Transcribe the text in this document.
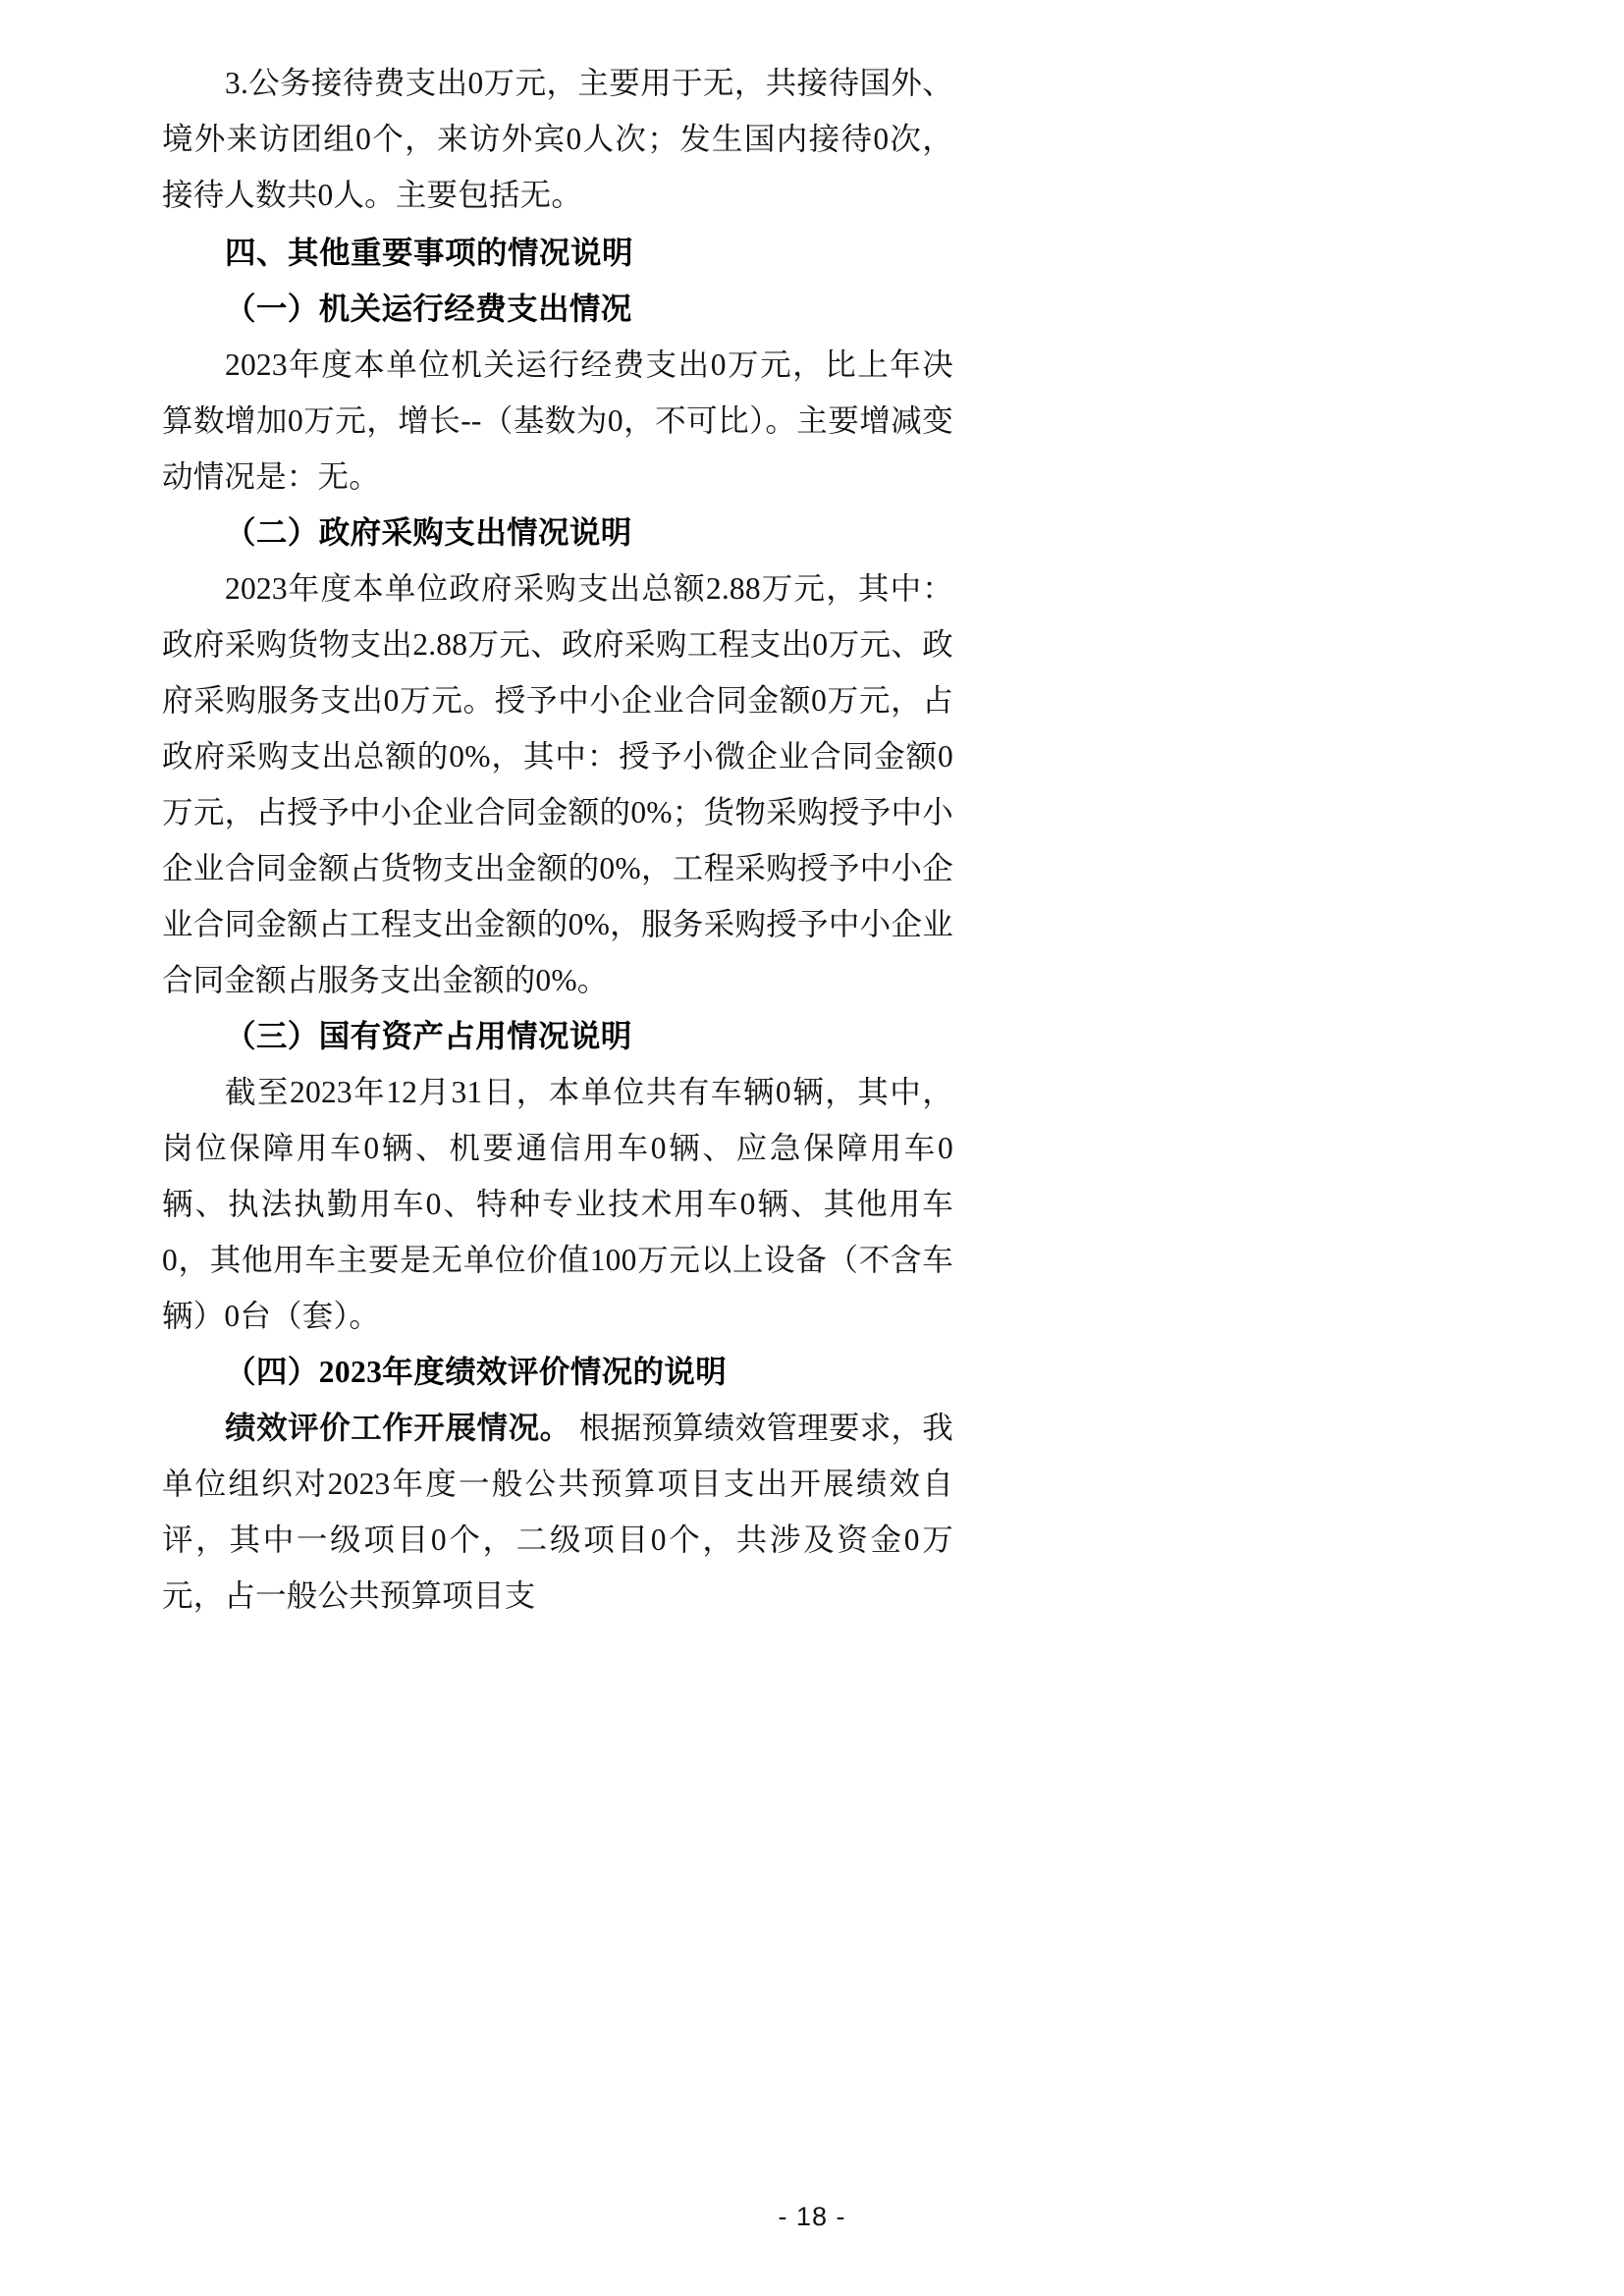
3.公务接待费支出0万元，主要用于无，共接待国外、境外来访团组0个，来访外宾0人次；发生国内接待0次，接待人数共0人。主要包括无。

四、其他重要事项的情况说明
（一）机关运行经费支出情况

2023年度本单位机关运行经费支出0万元，比上年决算数增加0万元，增长--（基数为0，不可比）。主要增减变动情况是：无。

（二）政府采购支出情况说明

2023年度本单位政府采购支出总额2.88万元，其中：政府采购货物支出2.88万元、政府采购工程支出0万元、政府采购服务支出0万元。授予中小企业合同金额0万元，占政府采购支出总额的0%，其中：授予小微企业合同金额0万元，占授予中小企业合同金额的0%；货物采购授予中小企业合同金额占货物支出金额的0%，工程采购授予中小企业合同金额占工程支出金额的0%，服务采购授予中小企业合同金额占服务支出金额的0%。

（三）国有资产占用情况说明

截至2023年12月31日，本单位共有车辆0辆，其中，岗位保障用车0辆、机要通信用车0辆、应急保障用车0辆、执法执勤用车0、特种专业技术用车0辆、其他用车0，其他用车主要是无单位价值100万元以上设备（不含车辆）0台（套）。

（四）2023年度绩效评价情况的说明

绩效评价工作开展情况。 根据预算绩效管理要求，我单位组织对2023年度一般公共预算项目支出开展绩效自评，其中一级项目0个，二级项目0个，共涉及资金0万元，占一般公共预算项目支

- 18 -
